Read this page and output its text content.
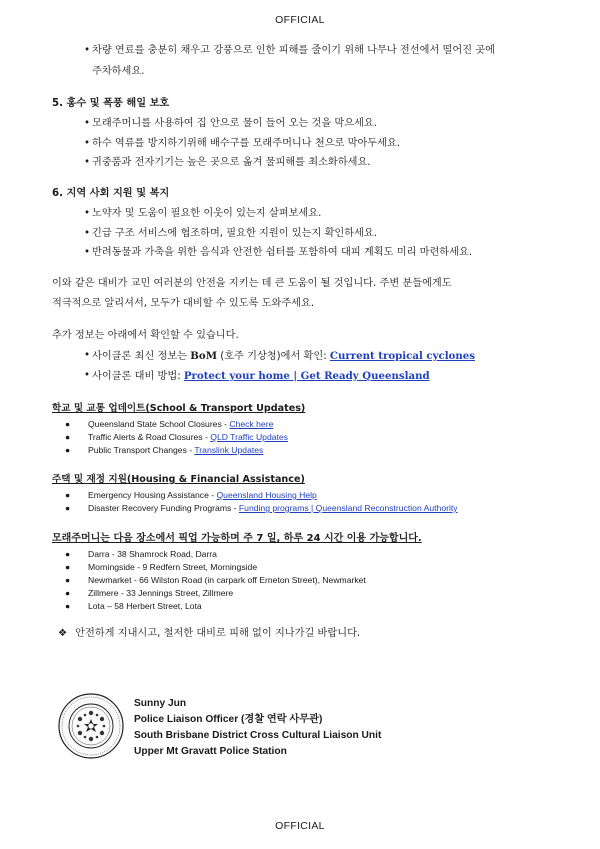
OFFICIAL
• 차량 연료를 충분히 채우고 강풍으로 인한 피해를 줄이기 위해 나무나 전선에서 떨어진 곳에
주차하세요.
5. 홍수 및 폭풍 해일 보호
• 모래주머니를 사용하여 집 안으로 물이 들어 오는 것을 막으세요.
• 하수 역류를 방지하기위해 배수구를 모래주머니나 천으로 막아두세요.
• 귀중품과 전자기기는 높은 곳으로 옮겨 물피해를 최소화하세요.
6. 지역 사회 지원 및 복지
• 노약자 및 도움이 필요한 이웃이 있는지 살펴보세요.
• 긴급 구조 서비스에 협조하며, 필요한 지원이 있는지 확인하세요.
• 반려동물과 가축을 위한 음식과 안전한 쉼터를 포함하여 대피 계획도 미리 마련하세요.
이와 같은 대비가 교민 여러분의 안전을 지키는 데 큰 도움이 될 것입니다. 주변 분들에게도
적극적으로 알리셔서, 모두가 대비할 수 있도록 도와주세요.
추가 정보는 아래에서 확인할 수 있습니다.
• 사이클론 최신 정보는 BoM (호주 기상청)에서 확인: Current tropical cyclones
• 사이클론 대비 방법: Protect your home | Get Ready Queensland
학교 및 교통 업데이트(School & Transport Updates)
● Queensland State School Closures - Check here
● Traffic Alerts & Road Closures - QLD Traffic Updates
● Public Transport Changes - Translink Updates
주택 및 재정 지원(Housing & Financial Assistance)
● Emergency Housing Assistance - Queensland Housing Help
● Disaster Recovery Funding Programs - Funding programs | Queensland Reconstruction Authority
모래주머니는 다음 장소에서 픽업 가능하며 주 7 일, 하루 24 시간 이용 가능합니다.
● Darra - 38 Shamrock Road, Darra
● Morningside - 9 Redfern Street, Morningside
● Newmarket - 66 Wilston Road (in carpark off Erneton Street), Newmarket
● Zillmere - 33 Jennings Street, Zillmere
● Lota – 58 Herbert Street, Lota
❖ 안전하게 지내시고, 철저한 대비로 피해 없이 지나가길 바랍니다.
Sunny Jun
Police Liaison Officer (경찰 연락 사무관)
South Brisbane District Cross Cultural Liaison Unit
Upper Mt Gravatt Police Station
OFFICIAL
